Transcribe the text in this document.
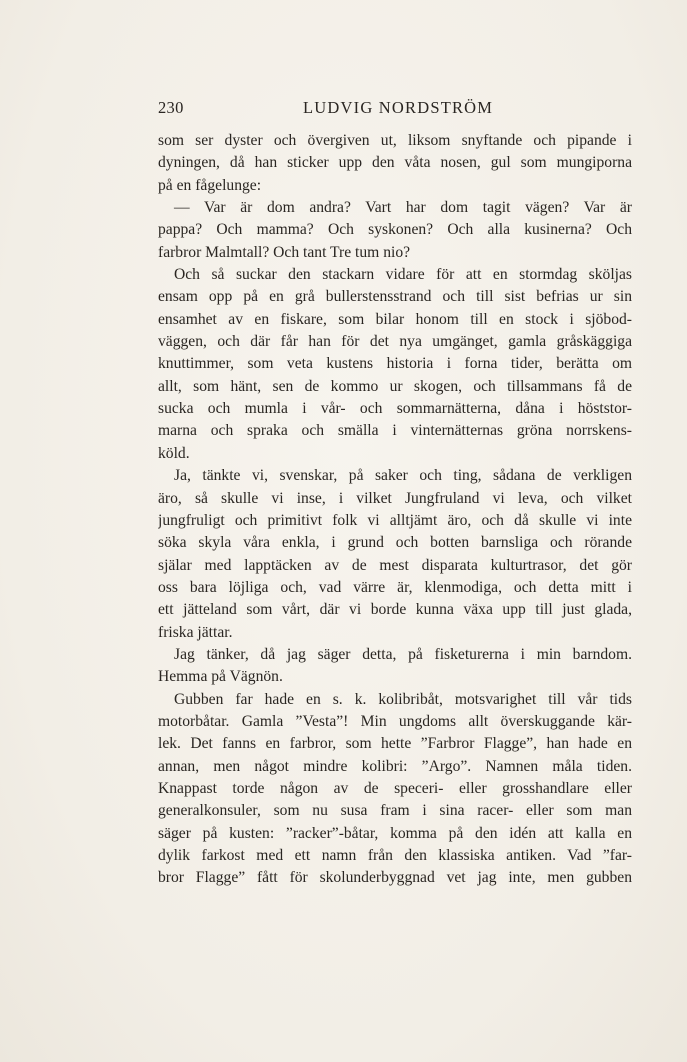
230	LUDVIG NORDSTRÖM
som ser dyster och övergiven ut, liksom snyftande och pipande i
dyningen, då han sticker upp den våta nosen, gul som mungiporna
på en fågelunge:
— Var är dom andra? Vart har dom tagit vägen? Var är
pappa? Och mamma? Och syskonen? Och alla kusinerna? Och
farbror Malmtall? Och tant Tre tum nio?
Och så suckar den stackarn vidare för att en stormdag sköljas
ensam opp på en grå bullerstensstrand och till sist befrias ur sin
ensamhet av en fiskare, som bilar honom till en stock i sjöbod-
väggen, och där får han för det nya umgänget, gamla gråskäggiga
knuttimmer, som veta kustens historia i forna tider, berätta om
allt, som hänt, sen de kommo ur skogen, och tillsammans få de
sucka och mumla i vår- och sommarnätterna, dåna i höststor-
marna och spraka och smälla i vinternätternas gröna norrskens-
köld.
Ja, tänkte vi, svenskar, på saker och ting, sådana de verkligen
äro, så skulle vi inse, i vilket Jungfruland vi leva, och vilket
jungfruligt och primitivt folk vi alltjämt äro, och då skulle vi inte
söka skyla våra enkla, i grund och botten barnsliga och rörande
själar med lapptäcken av de mest disparata kulturtrasor, det gör
oss bara löjliga och, vad värre är, klenmodiga, och detta mitt i
ett jätteland som vårt, där vi borde kunna växa upp till just glada,
friska jättar.
Jag tänker, då jag säger detta, på fisketurerna i min barndom.
Hemma på Vägnön.
Gubben far hade en s. k. kolibribåt, motsvarighet till vår tids
motorbåtar. Gamla ”Vesta”! Min ungdoms allt överskuggande kär-
lek. Det fanns en farbror, som hette ”Farbror Flagge”, han hade en
annan, men något mindre kolibri: ”Argo”. Namnen måla tiden.
Knappast torde någon av de speceri- eller grosshandlare eller
generalkonsuler, som nu susa fram i sina racer- eller som man
säger på kusten: ”racker”-båtar, komma på den idén att kalla en
dylik farkost med ett namn från den klassiska antiken. Vad ”far-
bror Flagge” fått för skolunderbyggnad vet jag inte, men gubben
